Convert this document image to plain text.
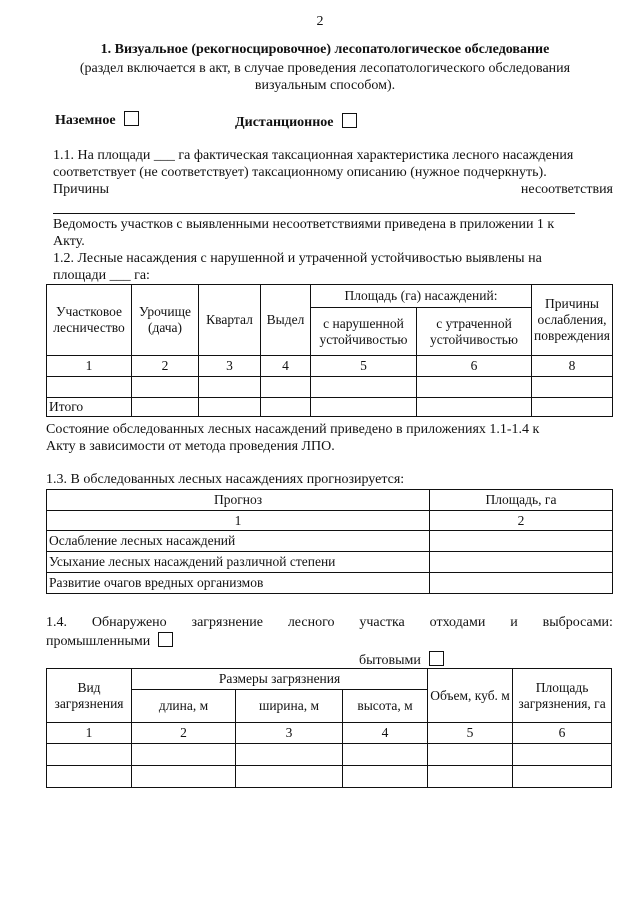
2
1. Визуальное (рекогносцировочное) лесопатологическое обследование
(раздел включается в акт, в случае проведения лесопатологического обследования
визуальным способом).
Наземное	Дистанционное
1.1. На площади ___ га фактическая таксационная характеристика лесного насаждения
соответствует (не соответствует) таксационному описанию (нужное подчеркнуть).
Причины	несоответствия
Ведомость участков с выявленными несоответствиями приведена в приложении 1 к
Акту.
1.2. Лесные насаждения с нарушенной и утраченной устойчивостью выявлены на
площади ___ га:
Участковое лесничество	Урочище (дача)	Квартал	Выдел	Площадь (га) насаждений:		Причины ослабления, повреждения
				с нарушенной устойчивостью	с утраченной устойчивостью	
1	2	3	4	5	6	8

Итого						
Состояние обследованных лесных насаждений приведено в приложениях 1.1-1.4 к
Акту в зависимости от метода проведения ЛПО.
1.3. В обследованных лесных насаждениях прогнозируется:
Прогноз	Площадь, га
1	2
Ослабление лесных насаждений	
Усыхание лесных насаждений различной степени	
Развитие очагов вредных организмов	
1.4. Обнаружено загрязнение лесного участка отходами и выбросами:
промышленными
бытовыми
Вид загрязнения	Размеры загрязнения			Объем, куб. м	Площадь загрязнения, га
	длина, м	ширина, м	высота, м		
1	2	3	4	5	6
